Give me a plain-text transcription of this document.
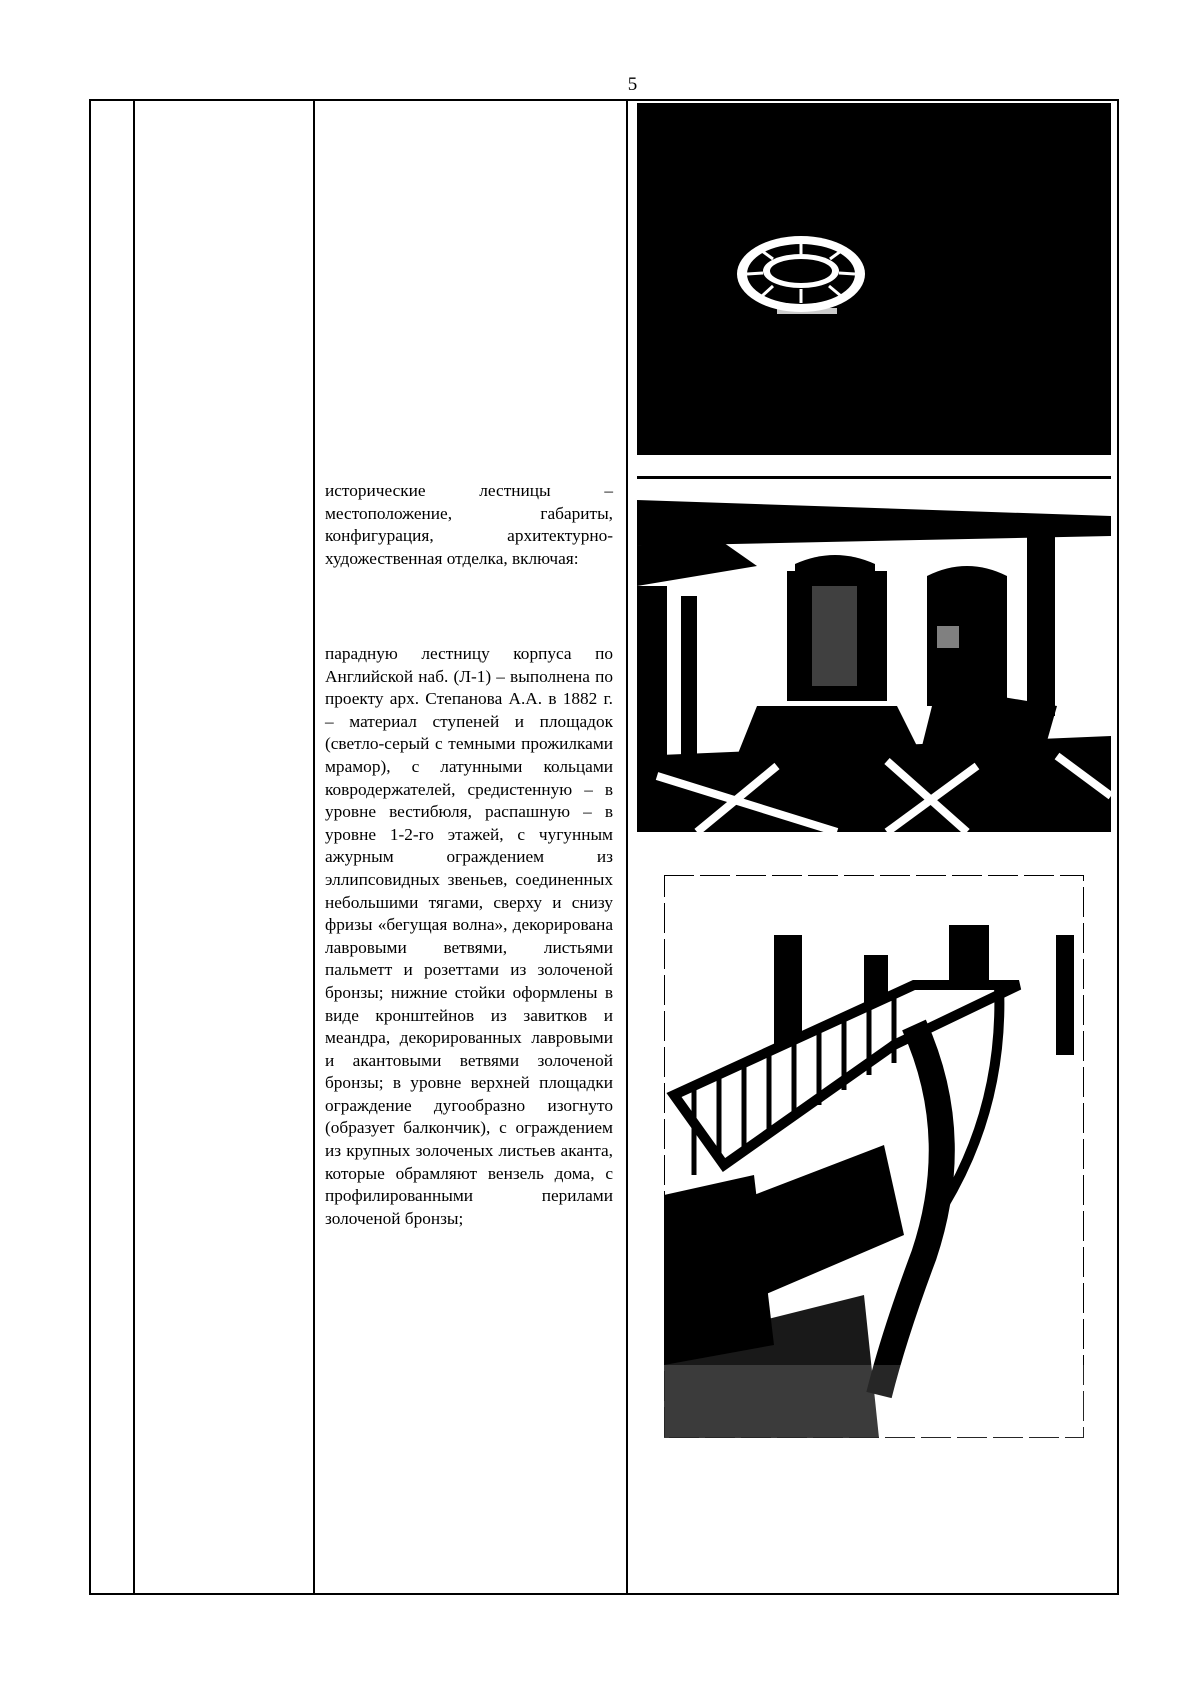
5

исторические лестницы – местоположение, габариты, конфигурация, архитектурно-художественная отделка, включая:

парадную лестницу корпуса по Английской наб. (Л-1) – выполнена по проекту арх. Степанова А.А. в 1882 г. – материал ступеней и площадок (светло-серый с темными прожилками мрамор), с латунными кольцами ковродержателей, средистенную – в уровне вестибюля, распашную – в уровне 1-2-го этажей, с чугунным ажурным ограждением из эллипсовидных звеньев, соединенных небольшими тягами, сверху и снизу фризы «бегущая волна», декорирована лавровыми ветвями, листьями пальметт и розеттами из золоченой бронзы; нижние стойки оформлены в виде кронштейнов из завитков и меандра, декорированных лавровыми и акантовыми ветвями золоченой бронзы; в уровне верхней площадки ограждение дугообразно изогнуто (образует балкончик), с ограждением из крупных золоченых листьев аканта, которые обрамляют вензель дома, с профилированными перилами золоченой бронзы;
